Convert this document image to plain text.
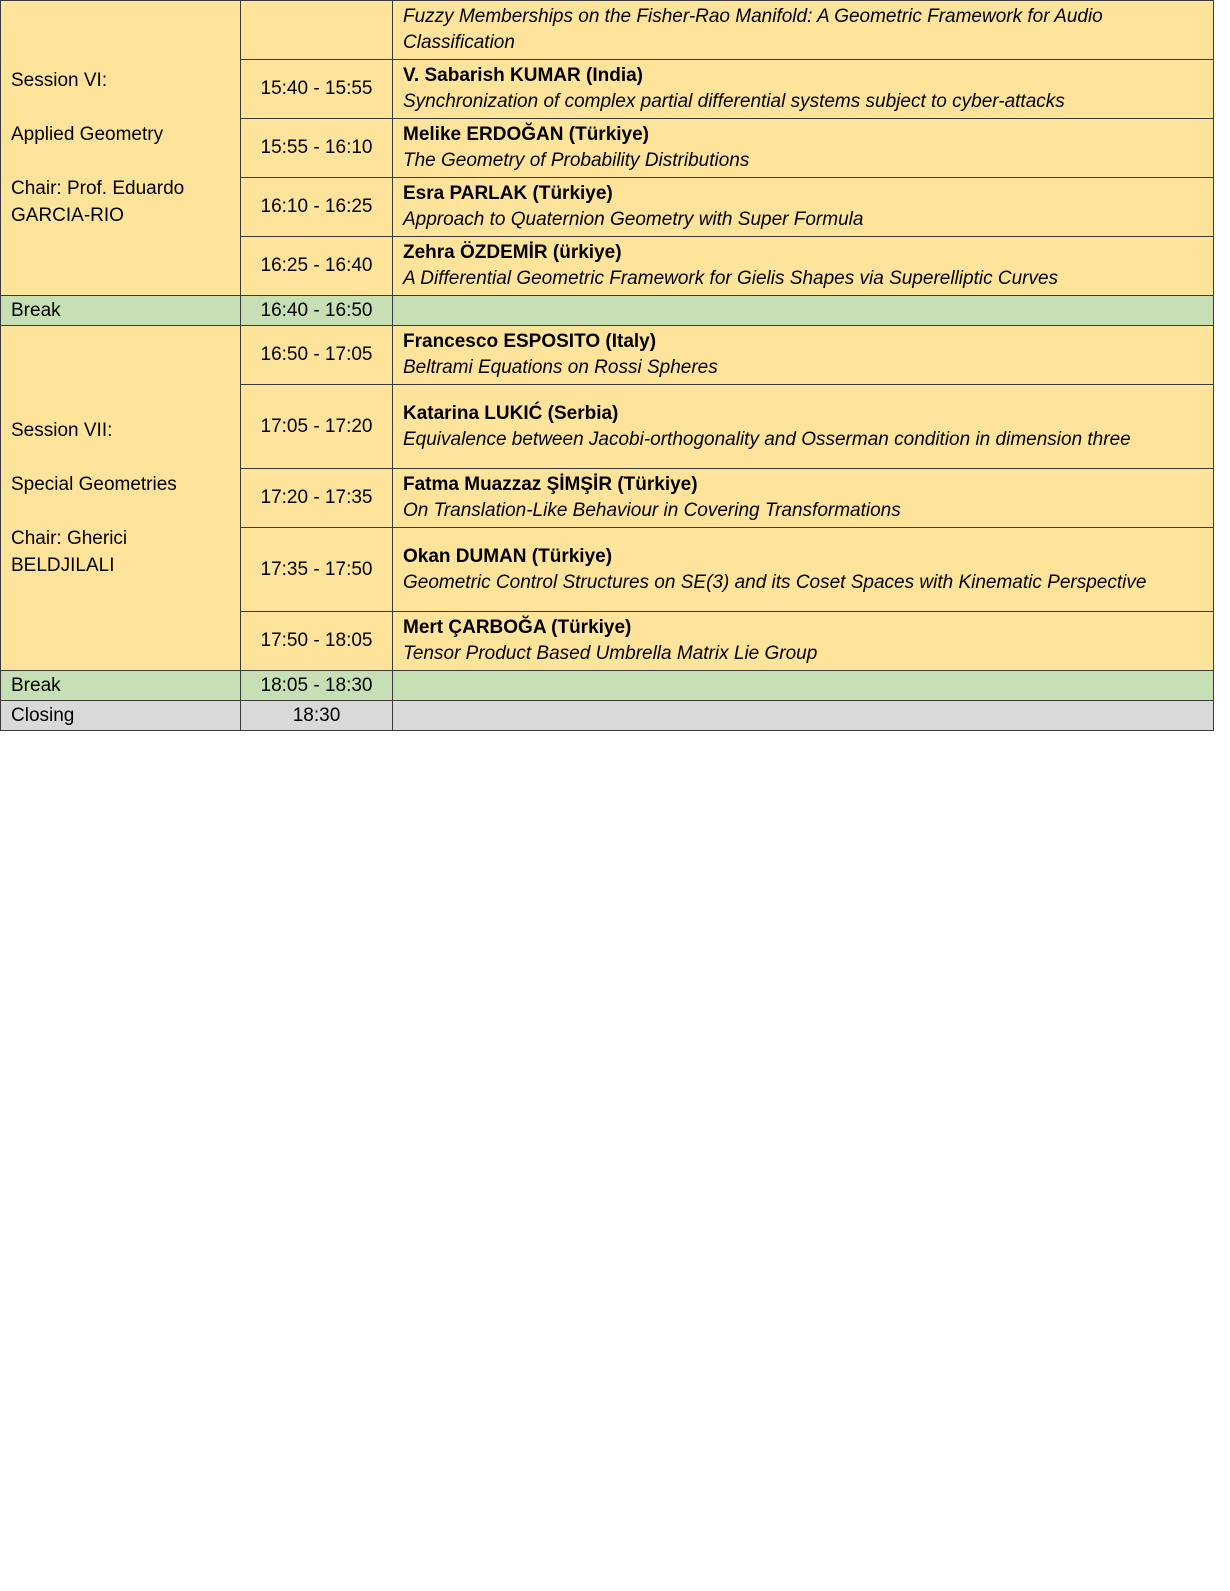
Session VI:
Applied Geometry
Chair: Prof. Eduardo
GARCIA-RIO		Fuzzy Memberships on the Fisher-Rao Manifold: A Geometric Framework for Audio Classification

	15:40 - 15:55	V. Sabarish KUMAR (India)
Synchronization of complex partial differential systems subject to cyber-attacks

	15:55 - 16:10	Melike ERDOĞAN (Türkiye)
The Geometry of Probability Distributions

	16:10 - 16:25	Esra PARLAK (Türkiye)
Approach to Quaternion Geometry with Super Formula

	16:25 - 16:40	Zehra ÖZDEMİR (ürkiye)
A Differential Geometric Framework for Gielis Shapes via Superelliptic Curves

Break	16:40 - 16:50	

Session VII:
Special Geometries
Chair: Gherici BELDJILALI	16:50 - 17:05	Francesco ESPOSITO (Italy)
Beltrami Equations on Rossi Spheres

	17:05 - 17:20	Katarina LUKIĆ (Serbia)
Equivalence between Jacobi-orthogonality and Osserman condition in dimension three

	17:20 - 17:35	Fatma Muazzaz ŞİMŞİR (Türkiye)
On Translation-Like Behaviour in Covering Transformations

	17:35 - 17:50	Okan DUMAN (Türkiye)
Geometric Control Structures on SE(3) and its Coset Spaces with Kinematic Perspective

	17:50 - 18:05	Mert ÇARBOĞA (Türkiye)
Tensor Product Based Umbrella Matrix Lie Group

Break	18:05 - 18:30	
Closing	18:30	
